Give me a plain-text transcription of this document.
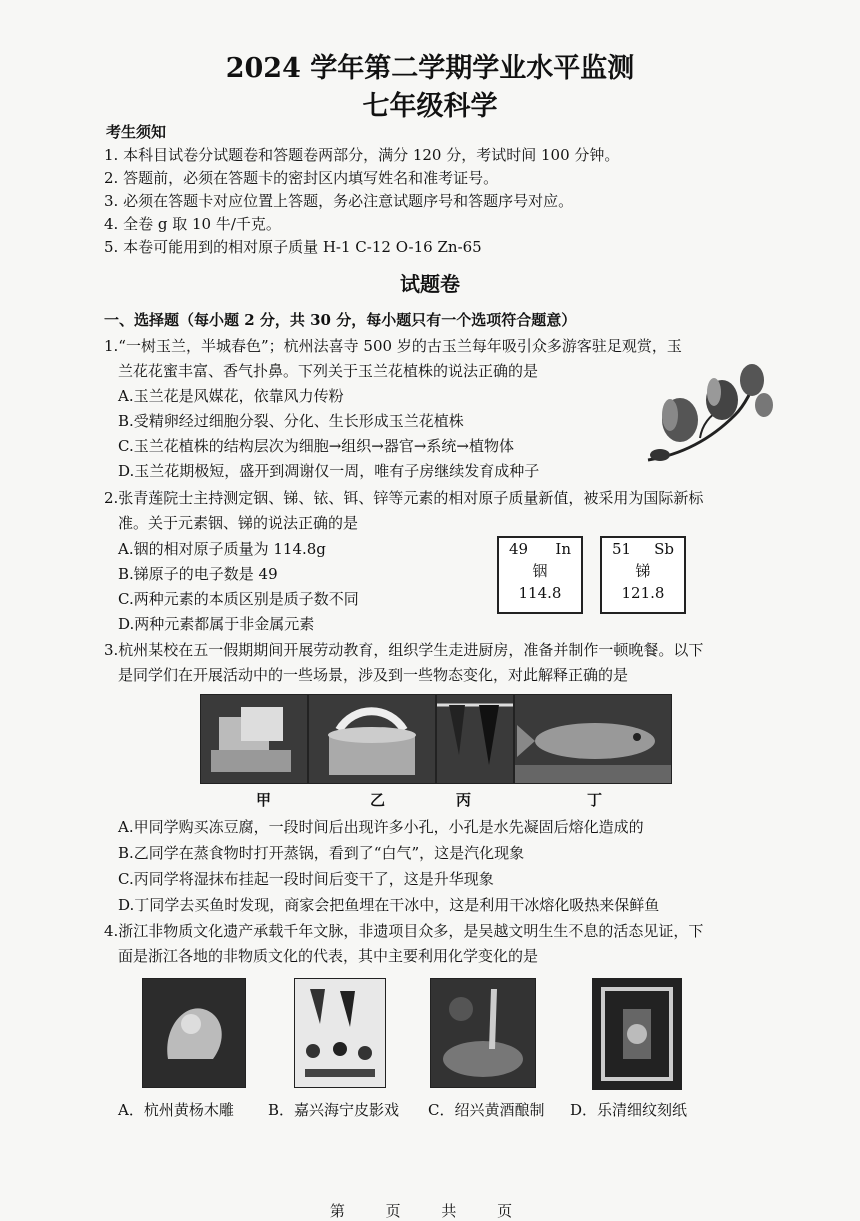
2024 学年第二学期学业水平监测
七年级科学
考生须知
1. 本科目试卷分试题卷和答题卷两部分，满分 120 分，考试时间 100 分钟。
2. 答题前，必须在答题卡的密封区内填写姓名和准考证号。
3. 必须在答题卡对应位置上答题，务必注意试题序号和答题序号对应。
4. 全卷 g 取 10 牛/千克。
5. 本卷可能用到的相对原子质量 H-1 C-12 O-16 Zn-65
试题卷
一、选择题（每小题 2 分，共 30 分，每小题只有一个选项符合题意）
1.“一树玉兰，半城春色”；杭州法喜寺 500 岁的古玉兰每年吸引众多游客驻足观赏，玉
兰花花蜜丰富、香气扑鼻。下列关于玉兰花植株的说法正确的是
A.玉兰花是风媒花，依靠风力传粉
B.受精卵经过细胞分裂、分化、生长形成玉兰花植株
C.玉兰花植株的结构层次为细胞→组织→器官→系统→植物体
D.玉兰花期极短，盛开到凋谢仅一周，唯有子房继续发育成种子
2.张青莲院士主持测定铟、锑、铱、铒、锌等元素的相对原子质量新值，被采用为国际新标
准。关于元素铟、锑的说法正确的是
A.铟的相对原子质量为 114.8g
B.锑原子的电子数是 49
C.两种元素的本质区别是质子数不同
D.两种元素都属于非金属元素
49 In
铟
114.8
51 Sb
锑
121.8
3.杭州某校在五一假期期间开展劳动教育，组织学生走进厨房，准备并制作一顿晚餐。以下
是同学们在开展活动中的一些场景，涉及到一些物态变化，对此解释正确的是
甲	乙	丙	丁
A.甲同学购买冻豆腐，一段时间后出现许多小孔，小孔是水先凝固后熔化造成的
B.乙同学在蒸食物时打开蒸锅，看到了“白气”，这是汽化现象
C.丙同学将湿抹布挂起一段时间后变干了，这是升华现象
D.丁同学去买鱼时发现，商家会把鱼埋在干冰中，这是利用干冰熔化吸热来保鲜鱼
4.浙江非物质文化遗产承载千年文脉，非遗项目众多，是吴越文明生生不息的活态见证，下
面是浙江各地的非物质文化的代表，其中主要利用化学变化的是
A．杭州黄杨木雕 B．嘉兴海宁皮影戏 C．绍兴黄酒酿制 D．乐清细纹刻纸
第 页 共 页
